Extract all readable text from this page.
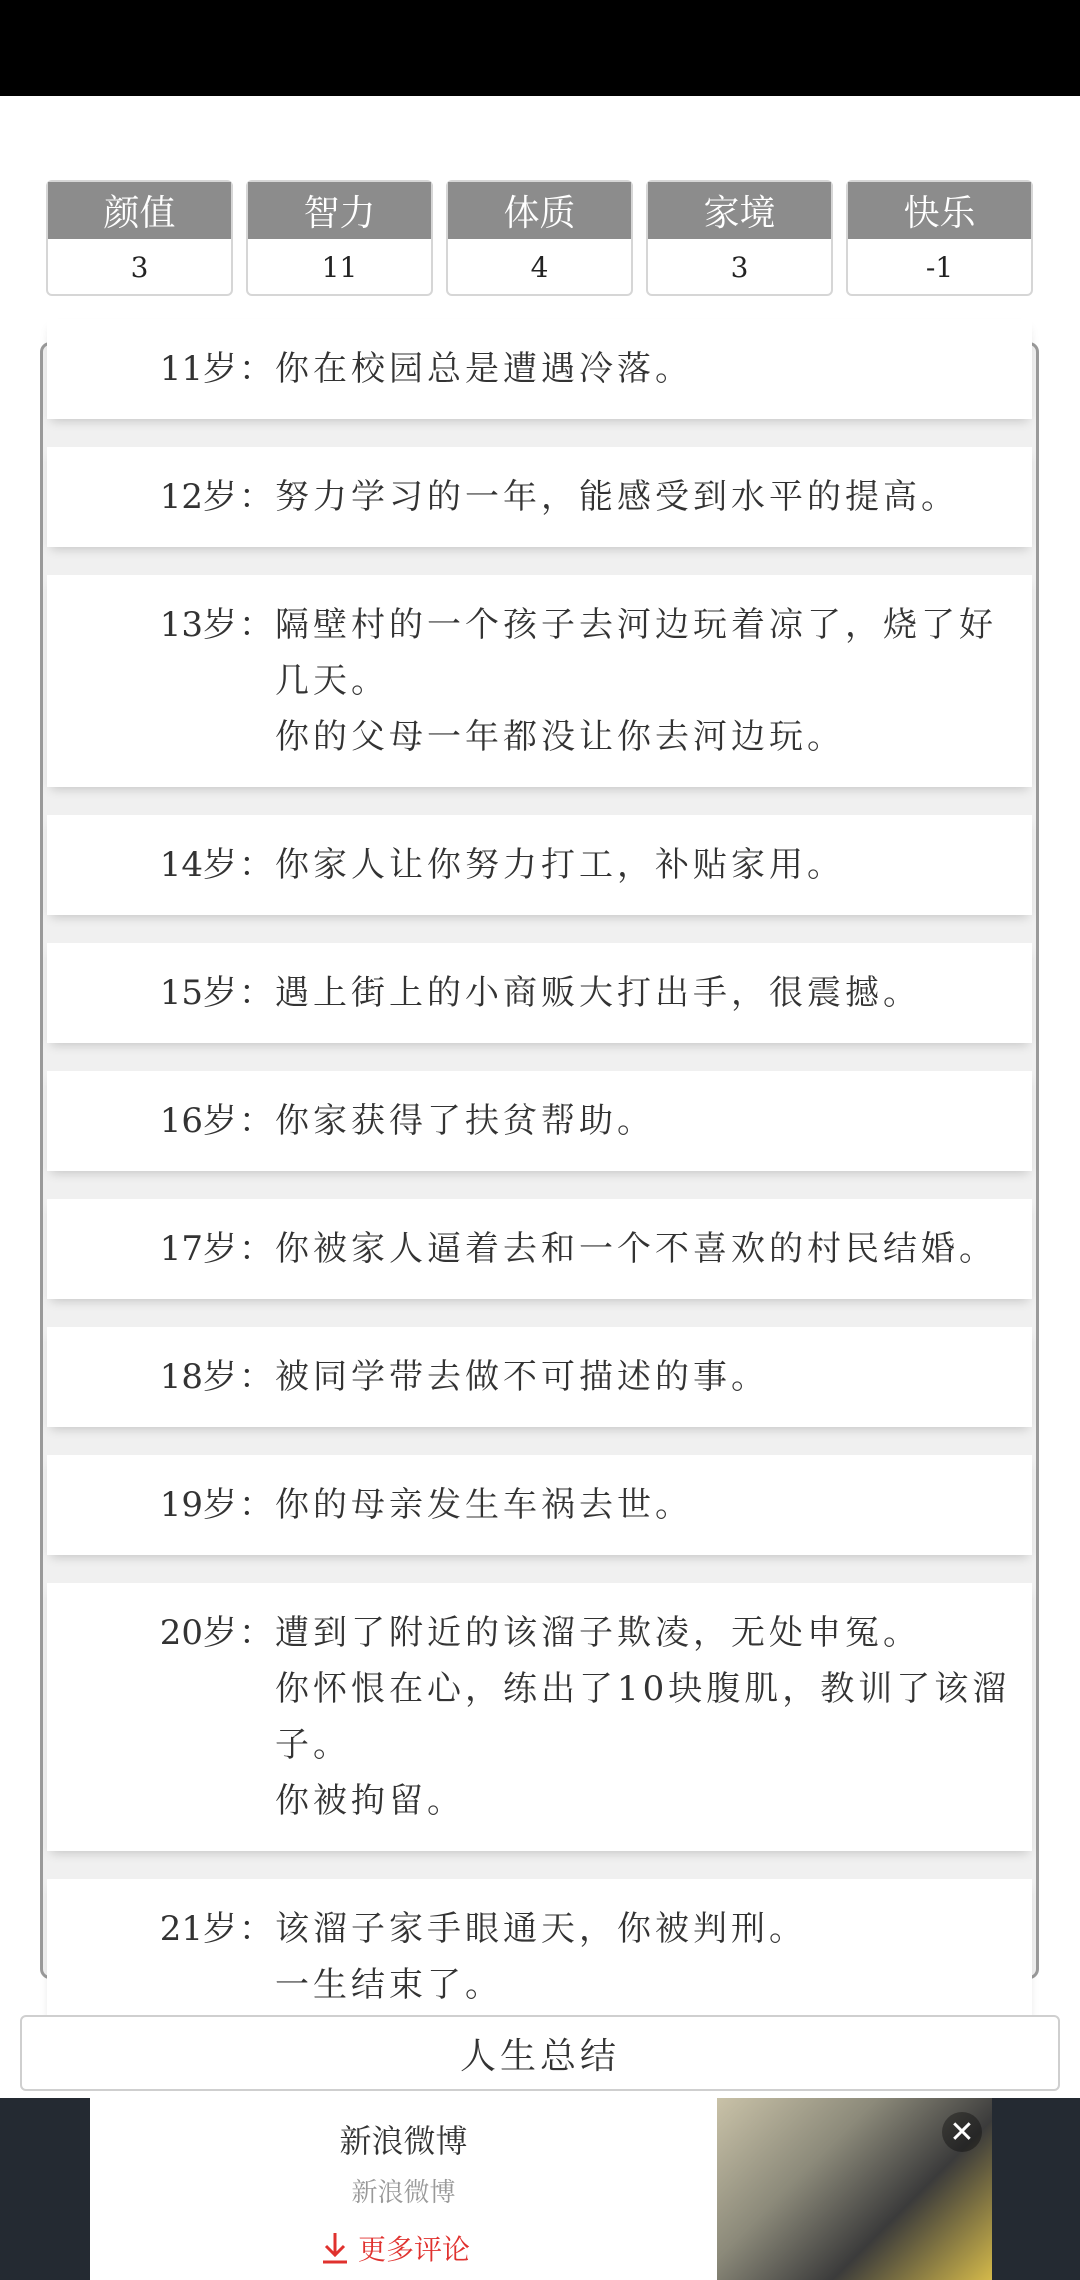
颜值
3
智力
11
体质
4
家境
3
快乐
-1
11岁 ： 你在校园总是遭遇冷落。
12岁 ： 努力学习的一年，能感受到水平的提高。
13岁 ： 隔壁村的一个孩子去河边玩着凉了，烧了好几天。
你的父母一年都没让你去河边玩。
14岁 ： 你家人让你努力打工，补贴家用。
15岁 ： 遇上街上的小商贩大打出手，很震撼。
16岁 ： 你家获得了扶贫帮助。
17岁 ： 你被家人逼着去和一个不喜欢的村民结婚。
18岁 ： 被同学带去做不可描述的事。
19岁 ： 你的母亲发生车祸去世。
20岁 ： 遭到了附近的该溜子欺凌，无处申冤。
你怀恨在心，练出了10块腹肌，教训了该溜子。
你被拘留。
21岁 ： 该溜子家手眼通天，你被判刑。
一生结束了。
人生总结
新浪微博
新浪微博
更多评论
✕
